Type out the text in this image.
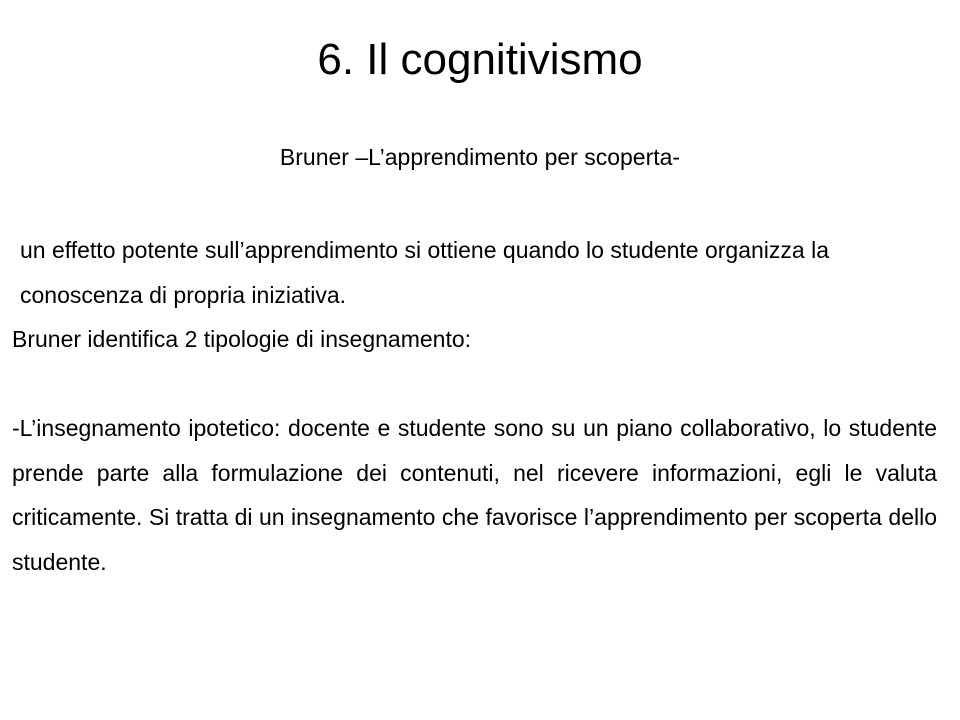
6. Il cognitivismo
Bruner –L’apprendimento per scoperta-

un effetto potente sull’apprendimento si ottiene quando lo studente organizza la conoscenza di propria iniziativa.

Bruner identifica 2 tipologie di insegnamento:

-L’insegnamento ipotetico: docente e studente sono su un piano collaborativo, lo studente prende parte alla formulazione dei contenuti, nel ricevere informazioni, egli le valuta criticamente. Si tratta di un insegnamento che favorisce l’apprendimento per scoperta dello studente.
